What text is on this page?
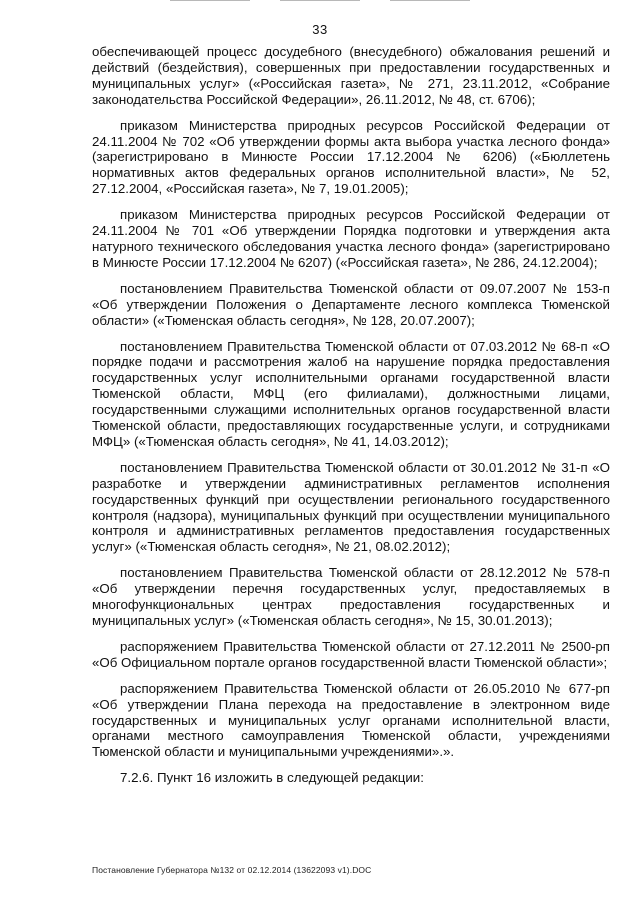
33

обеспечивающей процесс досудебного (внесудебного) обжалования решений и действий (бездействия), совершенных при предоставлении государственных и муниципальных услуг» («Российская газета», № 271, 23.11.2012, «Собрание законодательства Российской Федерации», 26.11.2012, № 48, ст. 6706);

приказом Министерства природных ресурсов Российской Федерации от 24.11.2004 № 702 «Об утверждении формы акта выбора участка лесного фонда» (зарегистрировано в Минюсте России 17.12.2004 № 6206) («Бюллетень нормативных актов федеральных органов исполнительной власти», № 52, 27.12.2004, «Российская газета», № 7, 19.01.2005);

приказом Министерства природных ресурсов Российской Федерации от 24.11.2004 № 701 «Об утверждении Порядка подготовки и утверждения акта натурного технического обследования участка лесного фонда» (зарегистрировано в Минюсте России 17.12.2004 № 6207) («Российская газета», № 286, 24.12.2004);

постановлением Правительства Тюменской области от 09.07.2007 № 153-п «Об утверждении Положения о Департаменте лесного комплекса Тюменской области» («Тюменская область сегодня», № 128, 20.07.2007);

постановлением Правительства Тюменской области от 07.03.2012 № 68-п «О порядке подачи и рассмотрения жалоб на нарушение порядка предоставления государственных услуг исполнительными органами государственной власти Тюменской области, МФЦ (его филиалами), должностными лицами, государственными служащими исполнительных органов государственной власти Тюменской области, предоставляющих государственные услуги, и сотрудниками МФЦ» («Тюменская область сегодня», № 41, 14.03.2012);

постановлением Правительства Тюменской области от 30.01.2012 № 31-п «О разработке и утверждении административных регламентов исполнения государственных функций при осуществлении регионального государственного контроля (надзора), муниципальных функций при осуществлении муниципального контроля и административных регламентов предоставления государственных услуг» («Тюменская область сегодня», № 21, 08.02.2012);

постановлением Правительства Тюменской области от 28.12.2012 № 578-п «Об утверждении перечня государственных услуг, предоставляемых в многофункциональных центрах предоставления государственных и муниципальных услуг» («Тюменская область сегодня», № 15, 30.01.2013);

распоряжением Правительства Тюменской области от 27.12.2011 № 2500-рп «Об Официальном портале органов государственной власти Тюменской области»;

распоряжением Правительства Тюменской области от 26.05.2010 № 677-рп «Об утверждении Плана перехода на предоставление в электронном виде государственных и муниципальных услуг органами исполнительной власти, органами местного самоуправления Тюменской области, учреждениями Тюменской области и муниципальными учреждениями».».

7.2.6. Пункт 16 изложить в следующей редакции:

Постановление Губернатора №132 от 02.12.2014 (13622093 v1).DOC
